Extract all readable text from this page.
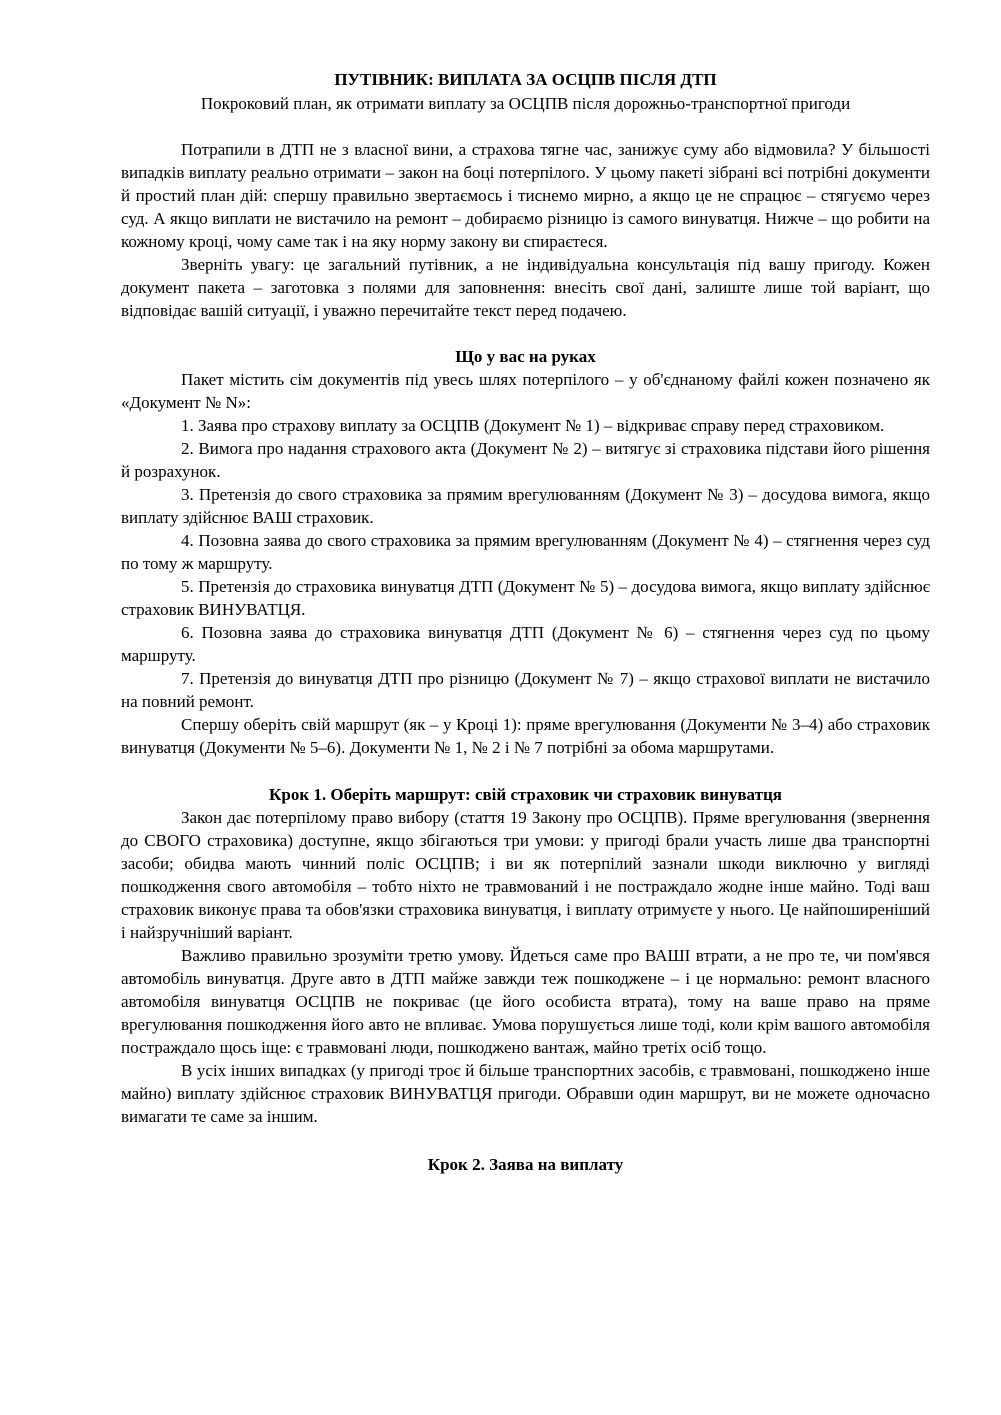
ПУТІВНИК: ВИПЛАТА ЗА ОСЦПВ ПІСЛЯ ДТП

Покроковий план, як отримати виплату за ОСЦПВ після дорожньо-транспортної пригоди

Потрапили в ДТП не з власної вини, а страхова тягне час, занижує суму або відмовила? У більшості випадків виплату реально отримати – закон на боці потерпілого. У цьому пакеті зібрані всі потрібні документи й простий план дій: спершу правильно звертаємось і тиснемо мирно, а якщо це не спрацює – стягуємо через суд. А якщо виплати не вистачило на ремонт – добираємо різницю із самого винуватця. Нижче – що робити на кожному кроці, чому саме так і на яку норму закону ви спираєтеся.

Зверніть увагу: це загальний путівник, а не індивідуальна консультація під вашу пригоду. Кожен документ пакета – заготовка з полями для заповнення: внесіть свої дані, залиште лише той варіант, що відповідає вашій ситуації, і уважно перечитайте текст перед подачею.

Що у вас на руках

Пакет містить сім документів під увесь шлях потерпілого – у об'єднаному файлі кожен позначено як «Документ № N»:

1. Заява про страхову виплату за ОСЦПВ (Документ № 1) – відкриває справу перед страховиком.

2. Вимога про надання страхового акта (Документ № 2) – витягує зі страховика підстави його рішення й розрахунок.

3. Претензія до свого страховика за прямим врегулюванням (Документ № 3) – досудова вимога, якщо виплату здійснює ВАШ страховик.

4. Позовна заява до свого страховика за прямим врегулюванням (Документ № 4) – стягнення через суд по тому ж маршруту.

5. Претензія до страховика винуватця ДТП (Документ № 5) – досудова вимога, якщо виплату здійснює страховик ВИНУВАТЦЯ.

6. Позовна заява до страховика винуватця ДТП (Документ № 6) – стягнення через суд по цьому маршруту.

7. Претензія до винуватця ДТП про різницю (Документ № 7) – якщо страхової виплати не вистачило на повний ремонт.

Спершу оберіть свій маршрут (як – у Кроці 1): пряме врегулювання (Документи № 3–4) або страховик винуватця (Документи № 5–6). Документи № 1, № 2 і № 7 потрібні за обома маршрутами.

Крок 1. Оберіть маршрут: свій страховик чи страховик винуватця

Закон дає потерпілому право вибору (стаття 19 Закону про ОСЦПВ). Пряме врегулювання (звернення до СВОГО страховика) доступне, якщо збігаються три умови: у пригоді брали участь лише два транспортні засоби; обидва мають чинний поліс ОСЦПВ; і ви як потерпілий зазнали шкоди виключно у вигляді пошкодження свого автомобіля – тобто ніхто не травмований і не постраждало жодне інше майно. Тоді ваш страховик виконує права та обов'язки страховика винуватця, і виплату отримуєте у нього. Це найпоширеніший і найзручніший варіант.

Важливо правильно зрозуміти третю умову. Йдеться саме про ВАШІ втрати, а не про те, чи пом'явся автомобіль винуватця. Друге авто в ДТП майже завжди теж пошкоджене – і це нормально: ремонт власного автомобіля винуватця ОСЦПВ не покриває (це його особиста втрата), тому на ваше право на пряме врегулювання пошкодження його авто не впливає. Умова порушується лише тоді, коли крім вашого автомобіля постраждало щось іще: є травмовані люди, пошкоджено вантаж, майно третіх осіб тощо.

В усіх інших випадках (у пригоді троє й більше транспортних засобів, є травмовані, пошкоджено інше майно) виплату здійснює страховик ВИНУВАТЦЯ пригоди. Обравши один маршрут, ви не можете одночасно вимагати те саме за іншим.

Крок 2. Заява на виплату
